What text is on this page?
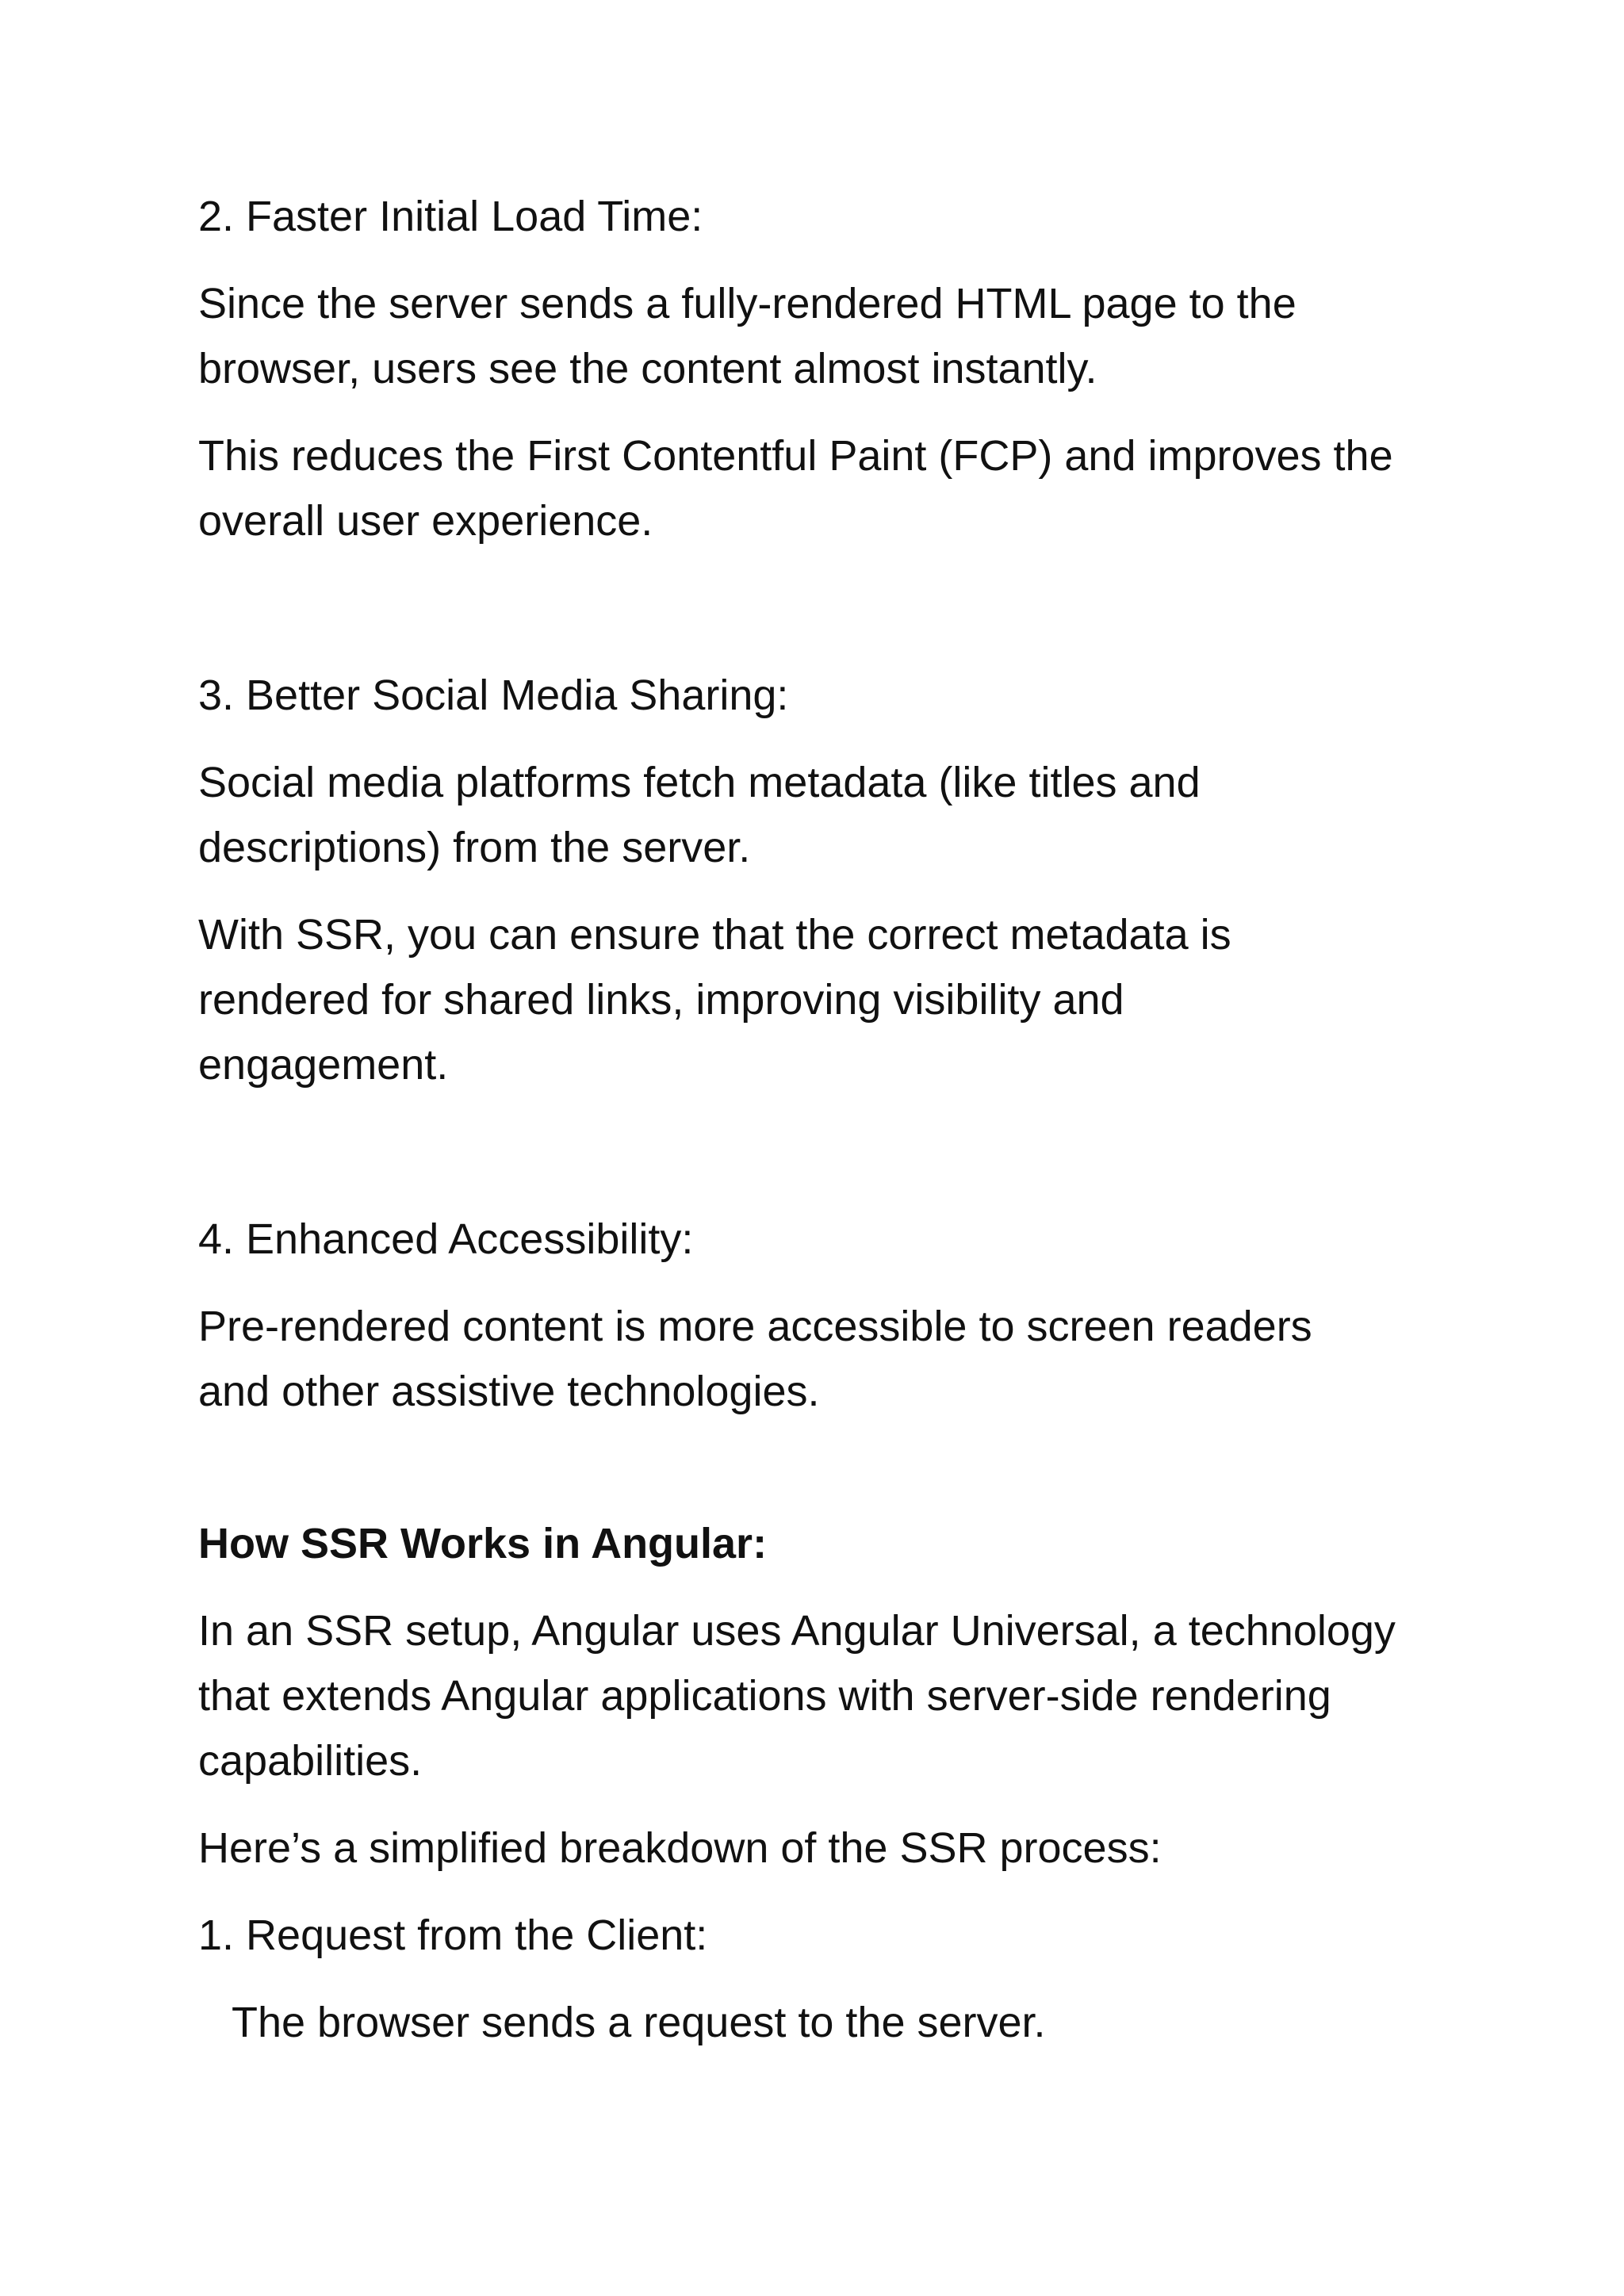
2. Faster Initial Load Time:

Since the server sends a fully-rendered HTML page to the
browser, users see the content almost instantly.

This reduces the First Contentful Paint (FCP) and improves the
overall user experience.

3. Better Social Media Sharing:

Social media platforms fetch metadata (like titles and
descriptions) from the server.

With SSR, you can ensure that the correct metadata is
rendered for shared links, improving visibility and
engagement.

4. Enhanced Accessibility:

Pre-rendered content is more accessible to screen readers
and other assistive technologies.

How SSR Works in Angular:

In an SSR setup, Angular uses Angular Universal, a technology
that extends Angular applications with server-side rendering
capabilities.

Here’s a simplified breakdown of the SSR process:

1. Request from the Client:

The browser sends a request to the server.
